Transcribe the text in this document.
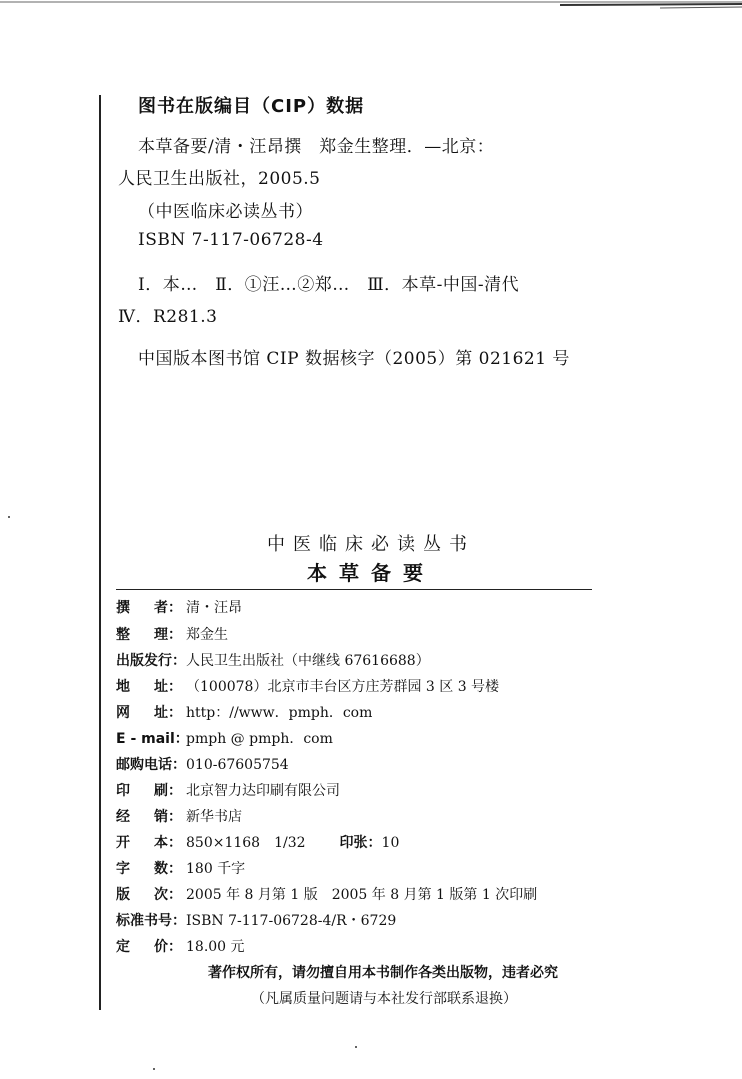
图书在版编目（CIP）数据
本草备要/清・汪昂撰　郑金生整理．—北京：
人民卫生出版社，2005.5
（中医临床必读丛书）
ISBN 7-117-06728-4
Ⅰ．本…　Ⅱ．①汪…②郑…　Ⅲ．本草-中国-清代
Ⅳ．R281.3
中国版本图书馆 CIP 数据核字（2005）第 021621 号
中医临床必读丛书
本草备要
撰 者： 清・汪昂
整 理： 郑金生
出版发行：人民卫生出版社（中继线 67616688）
地 址： （100078）北京市丰台区方庄芳群园 3 区 3 号楼
网 址： http：//www．pmph．com
E - mail：pmph @ pmph．com
邮购电话：010-67605754
印 刷： 北京智力达印刷有限公司
经 销： 新华书店
开 本： 850×1168　1/32 印张：10
字 数： 180 千字
版 次： 2005 年 8 月第 1 版　2005 年 8 月第 1 版第 1 次印刷
标准书号：ISBN 7-117-06728-4/R・6729
定 价： 18.00 元
著作权所有，请勿擅自用本书制作各类出版物，违者必究
（凡属质量问题请与本社发行部联系退换）
